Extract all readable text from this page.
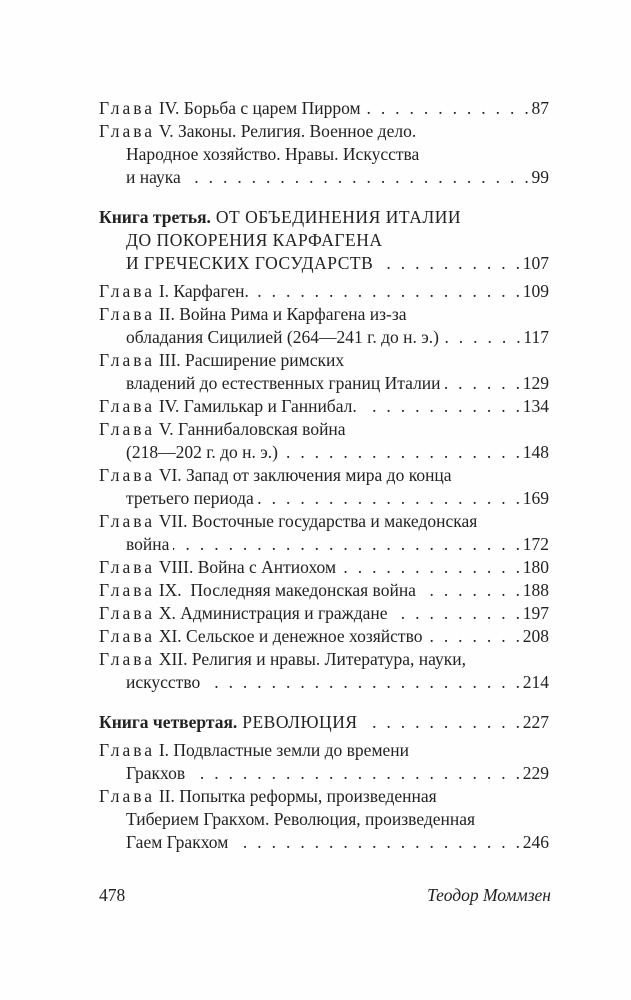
Глава IV. Борьба с царем Пирром . . .	87
Глава V. Законы. Религия. Военное дело.
Народное хозяйство. Нравы. Искусства
и наука . . .	99
Книга третья. ОТ ОБЪЕДИНЕНИЯ ИТАЛИИ
ДО ПОКОРЕНИЯ КАРФАГЕНА
И ГРЕЧЕСКИХ ГОСУДАРСТВ . . .	107
Глава I. Карфаген. . . .	109
Глава II. Война Рима и Карфагена из-за
обладания Сицилией (264—241 г. до н. э.) . . .	117
Глава III. Расширение римских
владений до естественных границ Италии . . .	129
Глава IV. Гамилькар и Ганнибал. . . .	134
Глава V. Ганнибаловская война
(218—202 г. до н. э.) . . .	148
Глава VI. Запад от заключения мира до конца
третьего периода . . .	169
Глава VII. Восточные государства и македонская
война . . .	172
Глава VIII. Война с Антиохом . . .	180
Глава IX.  Последняя македонская война . . .	188
Глава X. Администрация и граждане . . .	197
Глава XI. Сельское и денежное хозяйство . . .	208
Глава XII. Религия и нравы. Литература, науки,
искусство . . .	214
Книга четвертая. РЕВОЛЮЦИЯ . . .	227
Глава I. Подвластные земли до времени
Гракхов . . .	229
Глава II. Попытка реформы, произведенная
Тиберием Гракхом. Революция, произведенная
Гаем Гракхом . . .	246
478	Теодор Моммзен
